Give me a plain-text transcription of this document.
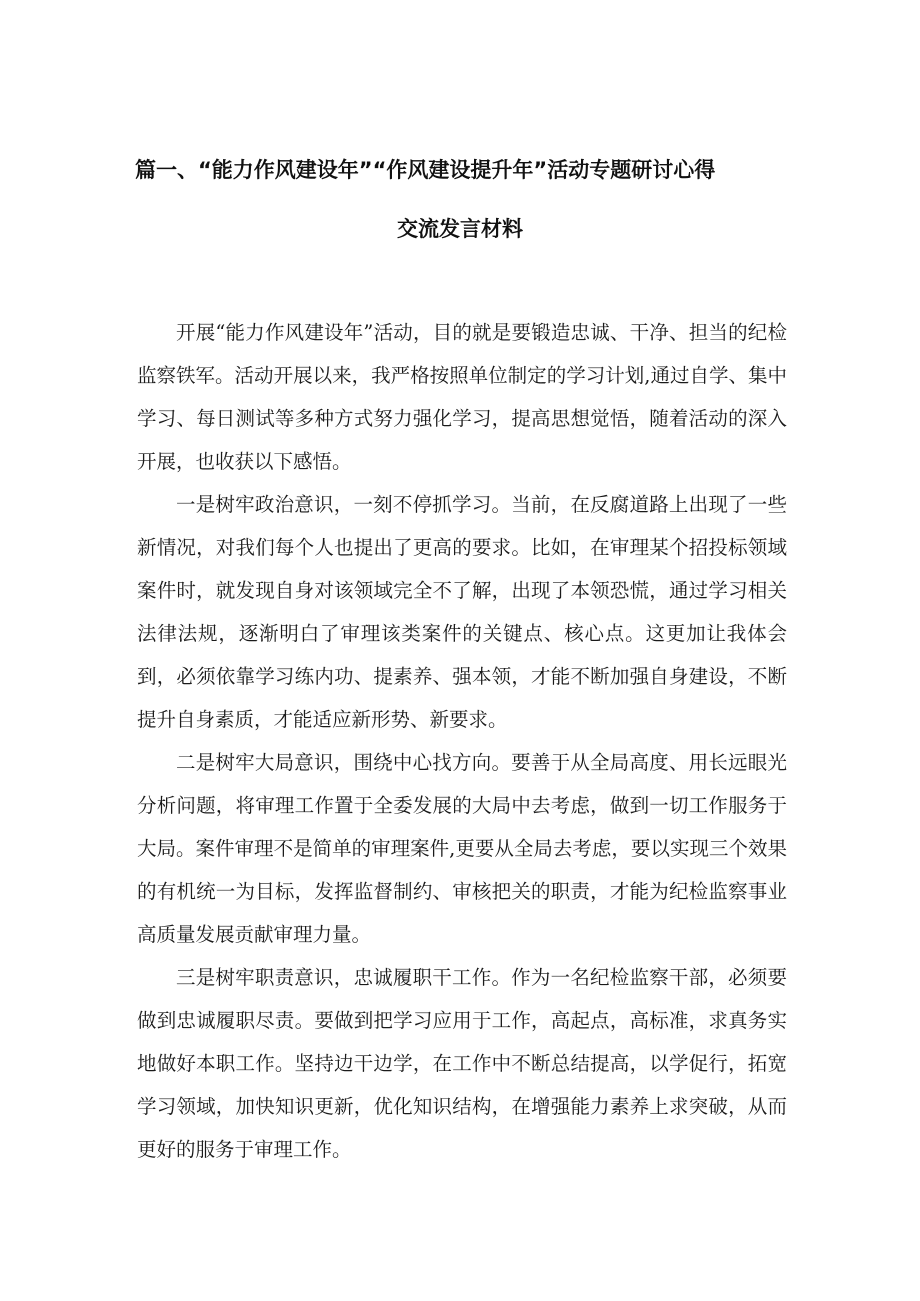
篇一、“能力作风建设年”“作风建设提升年”活动专题研讨心得
交流发言材料

开展“能力作风建设年”活动，目的就是要锻造忠诚、干净、担当的纪检监察铁军。活动开展以来，我严格按照单位制定的学习计划,通过自学、集中学习、每日测试等多种方式努力强化学习，提高思想觉悟，随着活动的深入开展，也收获以下感悟。

一是树牢政治意识，一刻不停抓学习。当前，在反腐道路上出现了一些新情况，对我们每个人也提出了更高的要求。比如，在审理某个招投标领域案件时，就发现自身对该领域完全不了解，出现了本领恐慌，通过学习相关法律法规，逐渐明白了审理该类案件的关键点、核心点。这更加让我体会到，必须依靠学习练内功、提素养、强本领，才能不断加强自身建设，不断提升自身素质，才能适应新形势、新要求。

二是树牢大局意识，围绕中心找方向。要善于从全局高度、用长远眼光分析问题，将审理工作置于全委发展的大局中去考虑，做到一切工作服务于大局。案件审理不是简单的审理案件,更要从全局去考虑，要以实现三个效果的有机统一为目标，发挥监督制约、审核把关的职责，才能为纪检监察事业高质量发展贡献审理力量。

三是树牢职责意识，忠诚履职干工作。作为一名纪检监察干部，必须要做到忠诚履职尽责。要做到把学习应用于工作，高起点，高标准，求真务实地做好本职工作。坚持边干边学，在工作中不断总结提高，以学促行，拓宽学习领域，加快知识更新，优化知识结构，在增强能力素养上求突破，从而更好的服务于审理工作。
